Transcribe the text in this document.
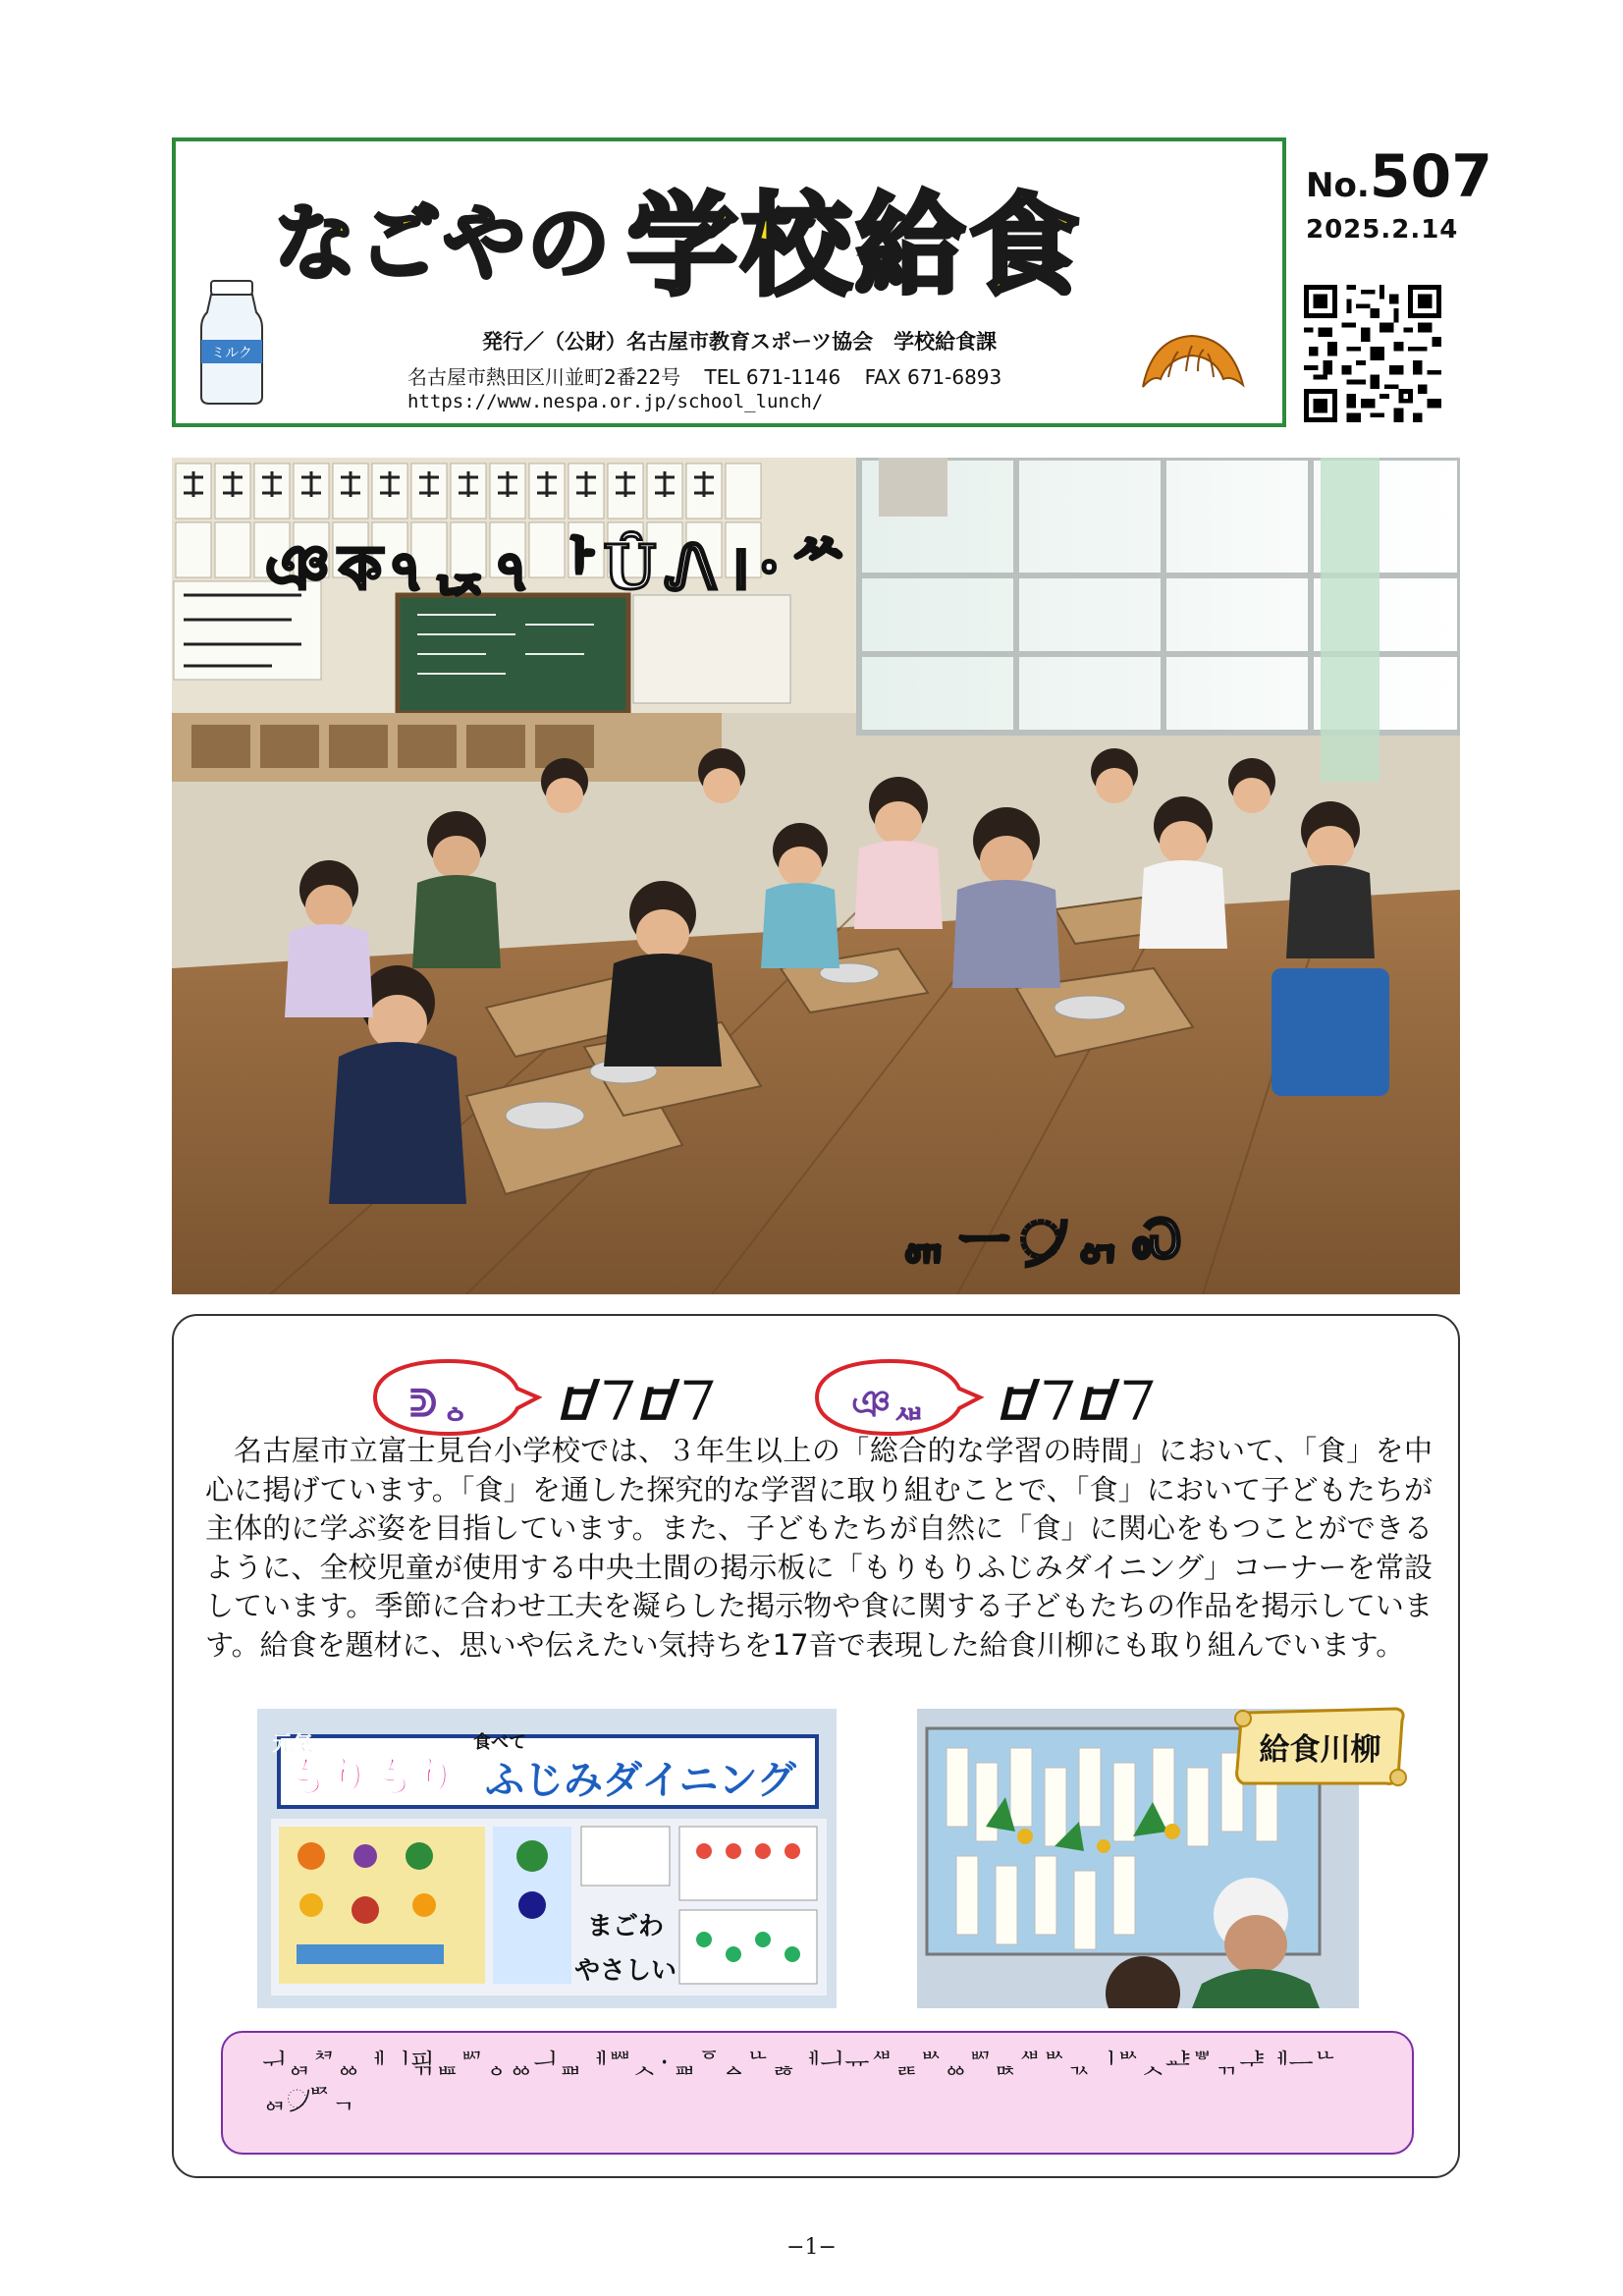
ミルク
なごやの 学校給食
発行／（公財）名古屋市教育スポーツ協会　学校給食課
名古屋市熱田区川並町2番22号 TEL 671-1146 FAX 671-6893
https://www.nespa.or.jp/school_lunch/
No.507
2025.2.14
ঞকঀᆬঀᅡȖᏁ।ꞏᄊ
ᇭᅳ᜴ᇬᏍ
ᕲᇰ ᝋᜪᝋᜪ	ঞᇪ ᝋᜪᝋᜪ

名古屋市立富士見台小学校では、３年生以上の「総合的な学習の時間」において、「食」を中心に掲げています。「食」を通した探究的な学習に取り組むことで、「食」において子どもたちが主体的に学ぶ姿を目指しています。また、子どもたちが自然に「食」に関心をもつことができるように、全校児童が使用する中央土間の掲示板に「もりもりふじみダイニング」コーナーを常設しています。季節に合わせ工夫を凝らした掲示物や食に関する子どもたちの作品を掲示しています。給食を題材に、思いや伝えたい気持ちを17音で表現した給食川柳にも取り組んでいます。

元気
もりもり
食べて
ふじみダイニング
まごわ
やさしい
給食川柳
ᅱᇯᅒᇮᅦᅵ픾ᇤᄢᇰᇮᅴᇳᅦᄤᆺ᛫ᇳᅙᇫᄔᆶᅦᅴᅲᄲᆴᄡᇮᄢᇠᄲᄡᆪᅵᄡᆺᅹᄬᆩᆤᅦᅳᄔᇯ᜴ᄧᆨ
−1−
